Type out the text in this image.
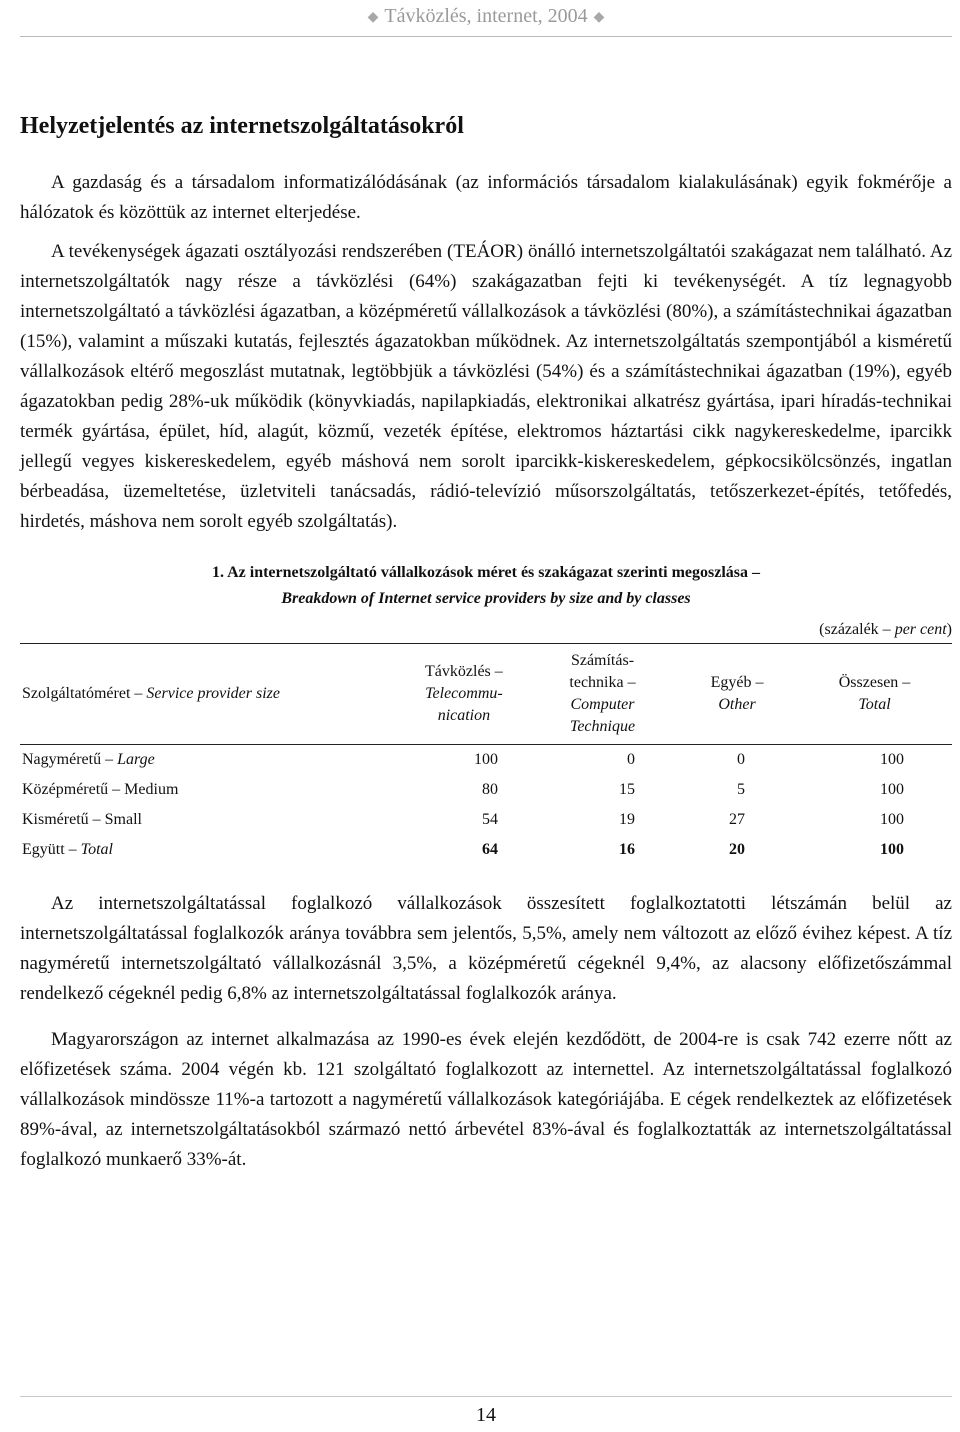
◆ Távközlés, internet, 2004 ◆
Helyzetjelentés az internetszolgáltatásokról

A gazdaság és a társadalom informatizálódásának (az információs társadalom kialakulásának) egyik fokmérője a hálózatok és közöttük az internet elterjedése.

A tevékenységek ágazati osztályozási rendszerében (TEÁOR) önálló internetszolgáltatói szakágazat nem található. Az internetszolgáltatók nagy része a távközlési (64%) szakágazatban fejti ki tevékenységét. A tíz legnagyobb internetszolgáltató a távközlési ágazatban, a középméretű vállalkozások a távközlési (80%), a számítástechnikai ágazatban (15%), valamint a műszaki kutatás, fejlesztés ágazatokban működnek. Az internetszolgáltatás szempontjából a kisméretű vállalkozások eltérő megoszlást mutatnak, legtöbbjük a távközlési (54%) és a számítástechnikai ágazatban (19%), egyéb ágazatokban pedig 28%-uk működik (könyvkiadás, napilapkiadás, elektronikai alkatrész gyártása, ipari híradás-technikai termék gyártása, épület, híd, alagút, közmű, vezeték építése, elektromos háztartási cikk nagykereskedelme, iparcikk jellegű vegyes kiskereskedelem, egyéb máshová nem sorolt iparcikk-kiskereskedelem, gépkocsikölcsönzés, ingatlan bérbeadása, üzemeltetése, üzletviteli tanácsadás, rádió-televízió műsorszolgáltatás, tetőszerkezet-építés, tetőfedés, hirdetés, máshova nem sorolt egyéb szolgáltatás).

1. Az internetszolgáltató vállalkozások méret és szakágazat szerinti megoszlása –
Breakdown of Internet service providers by size and by classes
(százalék – per cent)
Szolgáltatóméret – Service provider size	Távközlés –
Telecommu-
nication	Számítás-
technika –
Computer
Technique	Egyéb –
Other	Összesen –
Total
Nagyméretű – Large	100	0	0	100
Középméretű – Medium	80	15	5	100
Kisméretű – Small	54	19	27	100
Együtt – Total	64	16	20	100

Az internetszolgáltatással foglalkozó vállalkozások összesített foglalkoztatotti létszámán belül az internetszolgáltatással foglalkozók aránya továbbra sem jelentős, 5,5%, amely nem változott az előző évihez képest. A tíz nagyméretű internetszolgáltató vállalkozásnál 3,5%, a középméretű cégeknél 9,4%, az alacsony előfizetőszámmal rendelkező cégeknél pedig 6,8% az internetszolgáltatással foglalkozók aránya.

Magyarországon az internet alkalmazása az 1990-es évek elején kezdődött, de 2004-re is csak 742 ezerre nőtt az előfizetések száma. 2004 végén kb. 121 szolgáltató foglalkozott az internettel. Az internetszolgáltatással foglalkozó vállalkozások mindössze 11%-a tartozott a nagyméretű vállalkozások kategóriájába. E cégek rendelkeztek az előfizetések 89%-ával, az internetszolgáltatásokból származó nettó árbevétel 83%-ával és foglalkoztatták az internetszolgáltatással foglalkozó munkaerő 33%-át.

14
